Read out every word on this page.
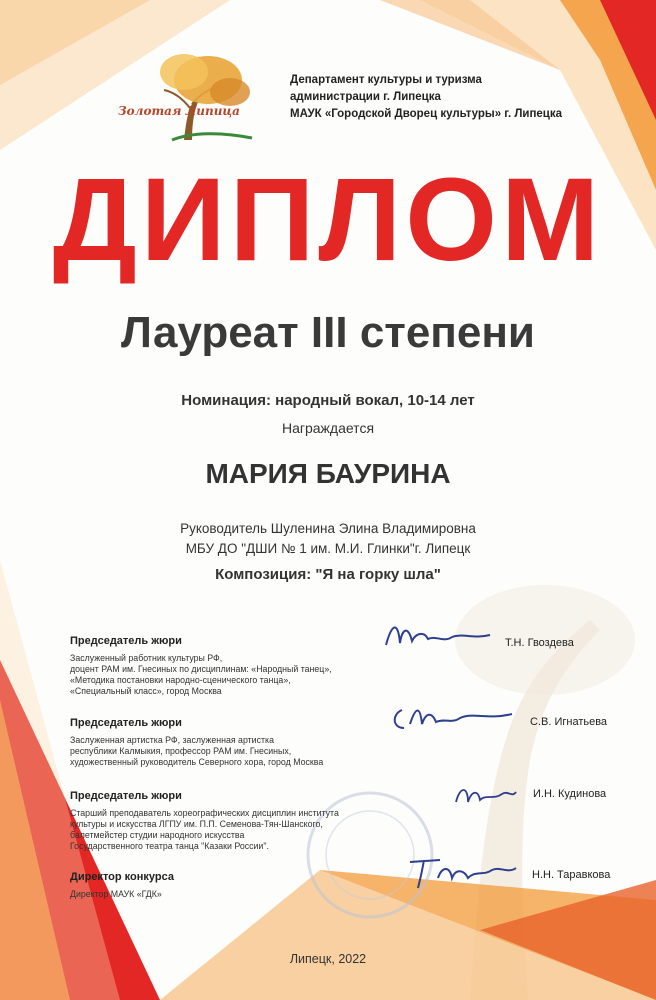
Золотая Липица
Департамент культуры и туризма
администрации г. Липецка
МАУК «Городской Дворец культуры» г. Липецка
ДИПЛОМ
Лауреат III степени
Номинация: народный вокал, 10-14 лет
Награждается
МАРИЯ БАУРИНА
Руководитель Шуленина Элина Владимировна
МБУ ДО "ДШИ № 1 им. М.И. Глинки"г. Липецк
Композиция: "Я на горку шла"
Председатель жюри
Заслуженный работник культуры РФ,
доцент РАМ им. Гнесиных по дисциплинам: «Народный танец»,
«Методика постановки народно-сценического танца»,
«Специальный класс», город Москва
Т.Н. Гвоздева
Председатель жюри
Заслуженная артистка РФ, заслуженная артистка
республики Калмыкия, профессор РАМ им. Гнесиных,
художественный руководитель Северного хора, город Москва
С.В. Игнатьева
Председатель жюри
Старший преподаватель хореографических дисциплин института
культуры и искусства ЛГПУ им. П.П. Семенова-Тян-Шанского,
балетмейстер студии народного искусства
Государственного театра танца "Казаки России".
И.Н. Кудинова
Директор конкурса
Директор МАУК «ГДК»
Н.Н. Таравкова
Липецк, 2022
